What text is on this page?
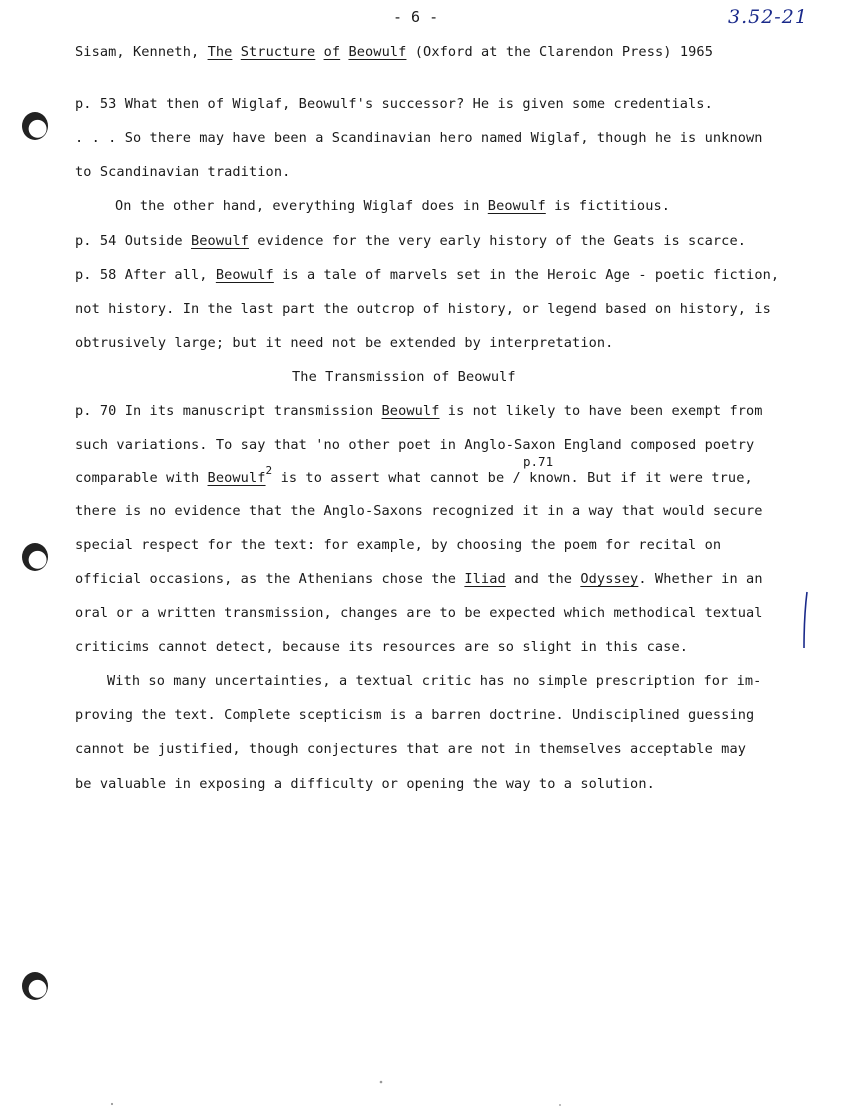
- 6 -	3.52-21
Sisam, Kenneth, The Structure of Beowulf (Oxford at the Clarendon Press) 1965
p. 53 What then of Wiglaf, Beowulf's successor? He is given some credentials.
. . . So there may have been a Scandinavian hero named Wiglaf, though he is unknown
to Scandinavian tradition.
On the other hand, everything Wiglaf does in Beowulf is fictitious.
p. 54 Outside Beowulf evidence for the very early history of the Geats is scarce.
p. 58 After all, Beowulf is a tale of marvels set in the Heroic Age - poetic fiction,
not history. In the last part the outcrop of history, or legend based on history, is
obtrusively large; but it need not be extended by interpretation.
The Transmission of Beowulf
p. 70 In its manuscript transmission Beowulf is not likely to have been exempt from
such variations. To say that 'no other poet in Anglo-Saxon England composed poetry
p.71
comparable with Beowulf$^2$ is to assert what cannot be / known. But if it were true,
there is no evidence that the Anglo-Saxons recognized it in a way that would secure
special respect for the text: for example, by choosing the poem for recital on
official occasions, as the Athenians chose the Iliad and the Odyssey. Whether in an
oral or a written transmission, changes are to be expected which methodical textual
criticims cannot detect, because its resources are so slight in this case.
With so many uncertainties, a textual critic has no simple prescription for im-
proving the text. Complete scepticism is a barren doctrine. Undisciplined guessing
cannot be justified, though conjectures that are not in themselves acceptable may
be valuable in exposing a difficulty or opening the way to a solution.
